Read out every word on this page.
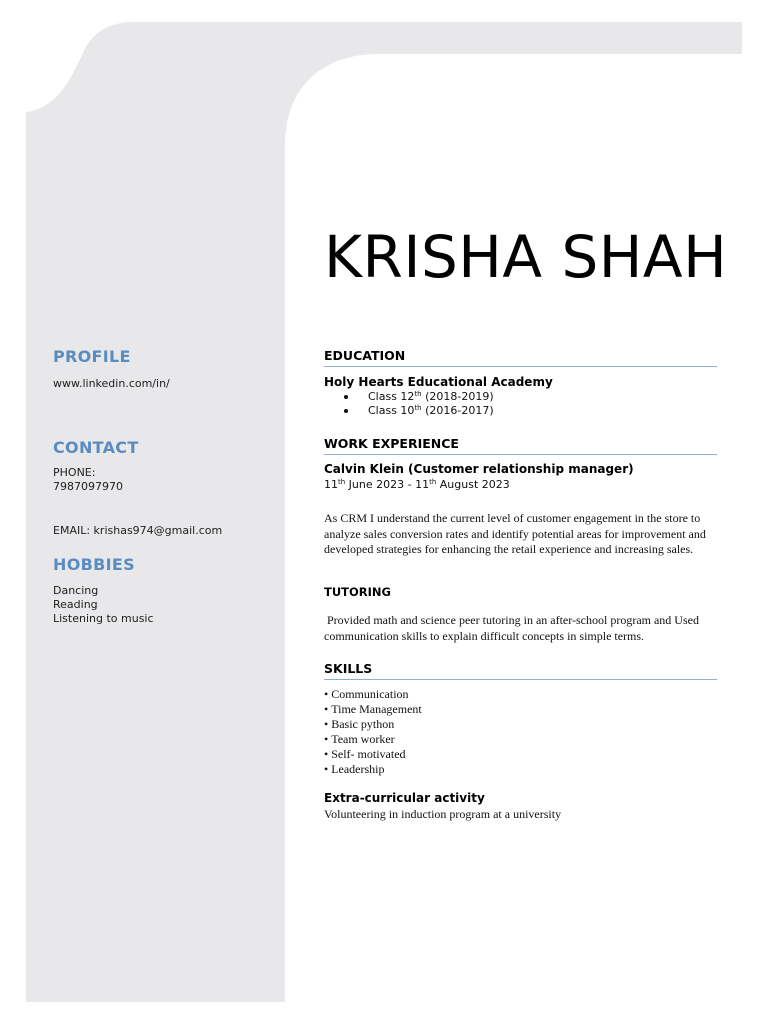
KRISHA SHAH
PROFILE

www.linkedin.com/in/

CONTACT

PHONE:

7987097970

EMAIL: krishas974@gmail.com

HOBBIES

Dancing

Reading

Listening to music

EDUCATION

Holy Hearts Educational Academy

Class 12th (2018-2019)
Class 10th (2016-2017)
WORK EXPERIENCE

Calvin Klein (Customer relationship manager)

11th June 2023 - 11th August 2023

As CRM I understand the current level of customer engagement in the store to analyze sales conversion rates and identify potential areas for improvement and developed strategies for enhancing the retail experience and increasing sales.

TUTORING

Provided math and science peer tutoring in an after-school program and Used communication skills to explain difficult concepts in simple terms.

SKILLS
• Communication
• Time Management
• Basic python
• Team worker
• Self- motivated
• Leadership
Extra-curricular activity

Volunteering in induction program at a university
